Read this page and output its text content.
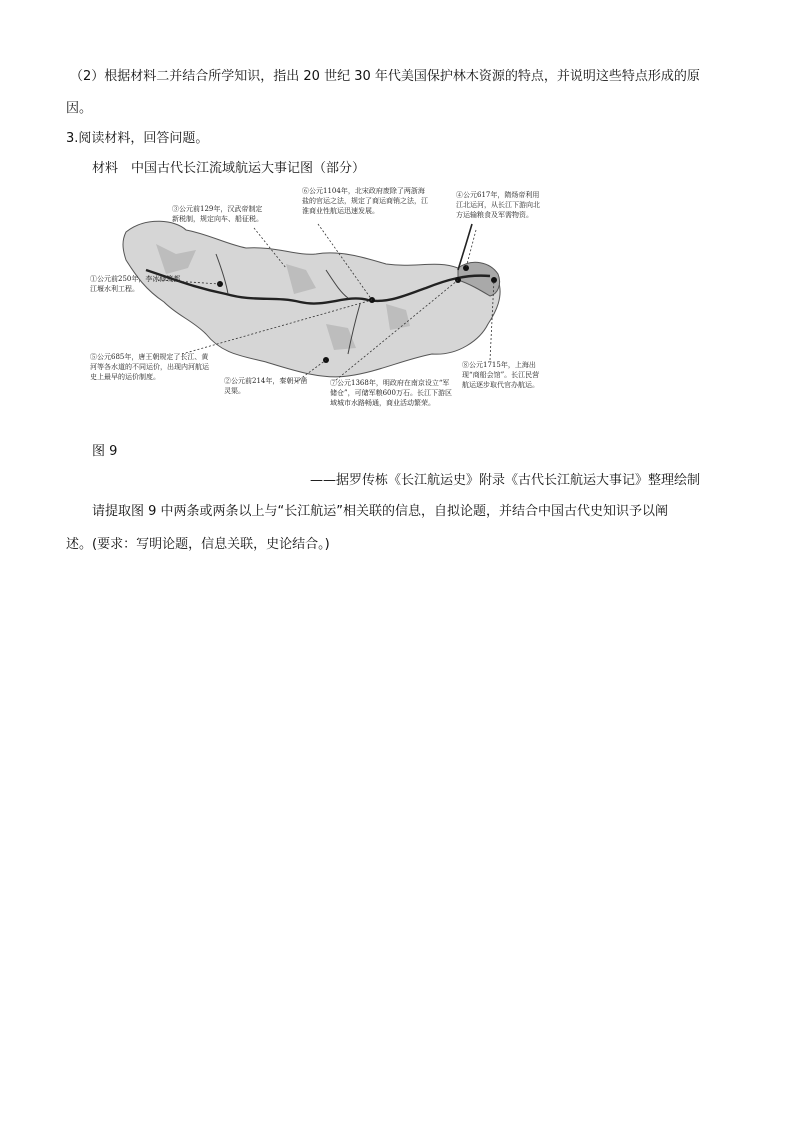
（2）根据材料二并结合所学知识，指出 20 世纪 30 年代美国保护林木资源的特点，并说明这些特点形成的原
因。
3.阅读材料，回答问题。
材料　中国古代长江流域航运大事记图（部分）
①公元前250年，李冰修筑都江堰水利工程。
②公元前214年，秦朝开凿灵渠。
③公元前129年，汉武帝制定新税制，规定向车、船征税。
④公元617年，隋炀帝利用江北运河，从长江下游向北方运输粮食及军需物资。
⑤公元685年，唐王朝规定了长江、黄河等各水道的不同运价，出现内河航运史上最早的运价制度。
⑥公元1104年，北宋政府废除了两浙海盐的官运之法，规定了商运商销之法，江淮商业性航运迅速发展。
⑦公元1368年，明政府在南京设立“军储仓”，可储军粮600万石。长江下游区域城市水路畅通，商业活动繁荣。
⑧公元1715年，上海出现“商船会馆”。长江民营航运逐步取代官办航运。
图 9
——据罗传栋《长江航运史》附录《古代长江航运大事记》整理绘制
请提取图 9 中两条或两条以上与“长江航运”相关联的信息，自拟论题，并结合中国古代史知识予以阐
述。(要求：写明论题，信息关联，史论结合。)
